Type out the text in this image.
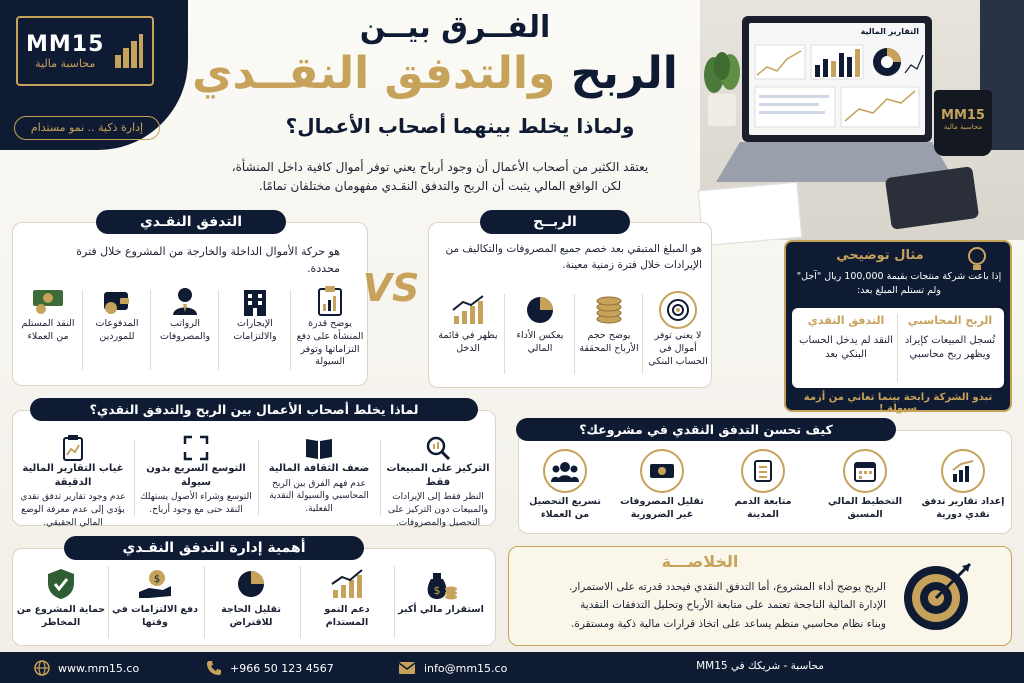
MM15
محاسبة مالية
إدارة ذكية .. نمو مستدام
الفــرق بيــن
الربح والتدفق النقــدي
ولماذا يخلط بينهما أصحاب الأعمال؟
يعتقد الكثير من أصحاب الأعمال أن وجود أرباح يعني توفر أموال كافية داخل المنشأة،
لكن الواقع المالي يثبت أن الربح والتدفق النقـدي مفهومان مختلفان تمامًا.
التقارير المالية
MM15
محاسبة مالية
التدفق النقـدي
هو حركة الأموال الداخلة والخارجة من المشروع خلال فترة محددة.
يوضح قدرة المنشأة على دفع التزاماتها وتوفر السيولة
الإيجارات والالتزامات
الرواتب والمصروفات
المدفوعات للموردين
النقد المستلم من العملاء
VS
الربــح
هو المبلغ المتبقي بعد خصم جميع المصروفات والتكاليف من الإيرادات خلال فترة زمنية معينة.
لا يعني توفر أموال في الحساب البنكي
يوضح حجم الأرباح المحققة
يعكس الأداء المالي
يظهر في قائمة الدخل
مثال توضيحي
إذا باعت شركة منتجات بقيمة 100,000 ريال "آجل" ولم تستلم المبلغ بعد:
الربح المحاسبي
تُسجل المبيعات كإيراد ويظهر ربح محاسبي
التدفق النقدي
النقد لم يدخل الحساب البنكي بعد
تبدو الشركة رابحة بينما تعاني من أزمة سيولة !
لماذا يخلط أصحاب الأعمال بين الربح والتدفق النقدي؟
التركيز على المبيعات فقط
النظر فقط إلى الإيرادات والمبيعات دون التركيز على التحصيل والمصروفات.
ضعف الثقافة المالية
عدم فهم الفرق بين الربح المحاسبي والسيولة النقدية الفعلية.
التوسع السريع بدون سيولة
التوسع وشراء الأصول يستهلك النقد حتى مع وجود أرباح.
غياب التقارير المالية الدقيقة
عدم وجود تقارير تدفق نقدي يؤدي إلى عدم معرفة الوضع المالي الحقيقي.
كيف تحسن التدفق النقدي في مشروعك؟
إعداد تقارير تدفق نقدي دورية
التخطيط المالي المسبق
متابعة الذمم المدينة
تقليل المصروفات غير الضرورية
تسريع التحصيل من العملاء
أهمية إدارة التدفق النقـدي
$
استقرار مالي أكبر
دعم النمو المستدام
تقليل الحاجة للاقتراض
$
دفع الالتزامات في وقتها
حماية المشروع من المخاطر
الخلاصـــة
الربح يوضح أداء المشروع، أما التدفق النقدي فيحدد قدرته على الاستمرار.
الإدارة المالية الناجحة تعتمد على متابعة الأرباح وتحليل التدفقات النقدية
وبناء نظام محاسبي منظم يساعد على اتخاذ قرارات مالية ذكية ومستقرة.
www.mm15.co	+966 50 123 4567	info@mm15.co	محاسبة - شريكك في MM15
